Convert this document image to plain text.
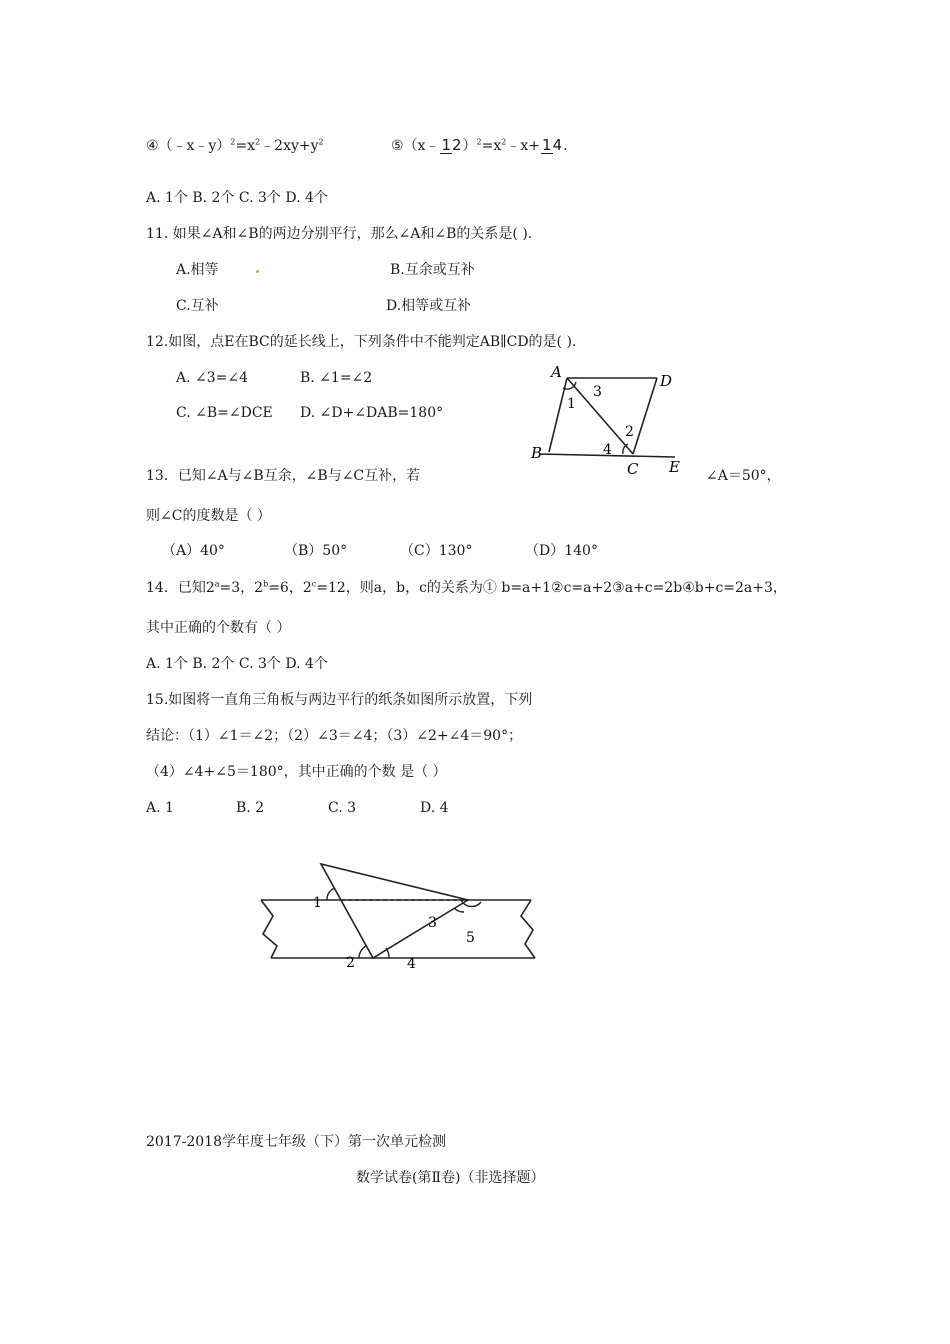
$④(﹣x﹣y)^2=x^2﹣2xy+y^2$	⑤（x﹣ $12)^2=x^2﹣x+ 14$.
A. 1个 B. 2个 C. 3个 D. 4个
11. 如果∠A和∠B的两边分别平行，那么∠A和∠B的关系是( ).
A.相等	B.互余或互补
C.互补	D.相等或互补
12.如图，点E在BC的延长线上，下列条件中不能判定AB∥CD的是( ).
A. ∠3=∠4	B. ∠1=∠2
C. ∠B=∠DCE D. ∠D+∠DAB=180°
A	D
B
C E
1
3
2
4
13．已知∠A与∠B互余，∠B与∠C互补，若	∠A＝50°，
则∠C的度数是（ ）
（A）40°	（B）50°	（C）130°	（D）140°
14．已知$2^a=3$，$2^b=6$，$2^c=12$，则a，b，c的关系为① b=a+1②c=a+2③a+c=2b④b+c=2a+3，
其中正确的个数有（ ）
A. 1个 B. 2个 C. 3个 D. 4个
15.如图将一直角三角板与两边平行的纸条如图所示放置，下列
结论：（1）∠1＝∠2；（2）∠3＝∠4；（3）∠2+∠4＝90°；
（4）∠4+∠5＝180°，其中正确的个数 是（ ）
A. 1	B. 2	C. 3	D. 4
1
2
3
4
5
2017-2018学年度七年级（下）第一次单元检测
数学试卷(第Ⅱ卷)（非选择题）
